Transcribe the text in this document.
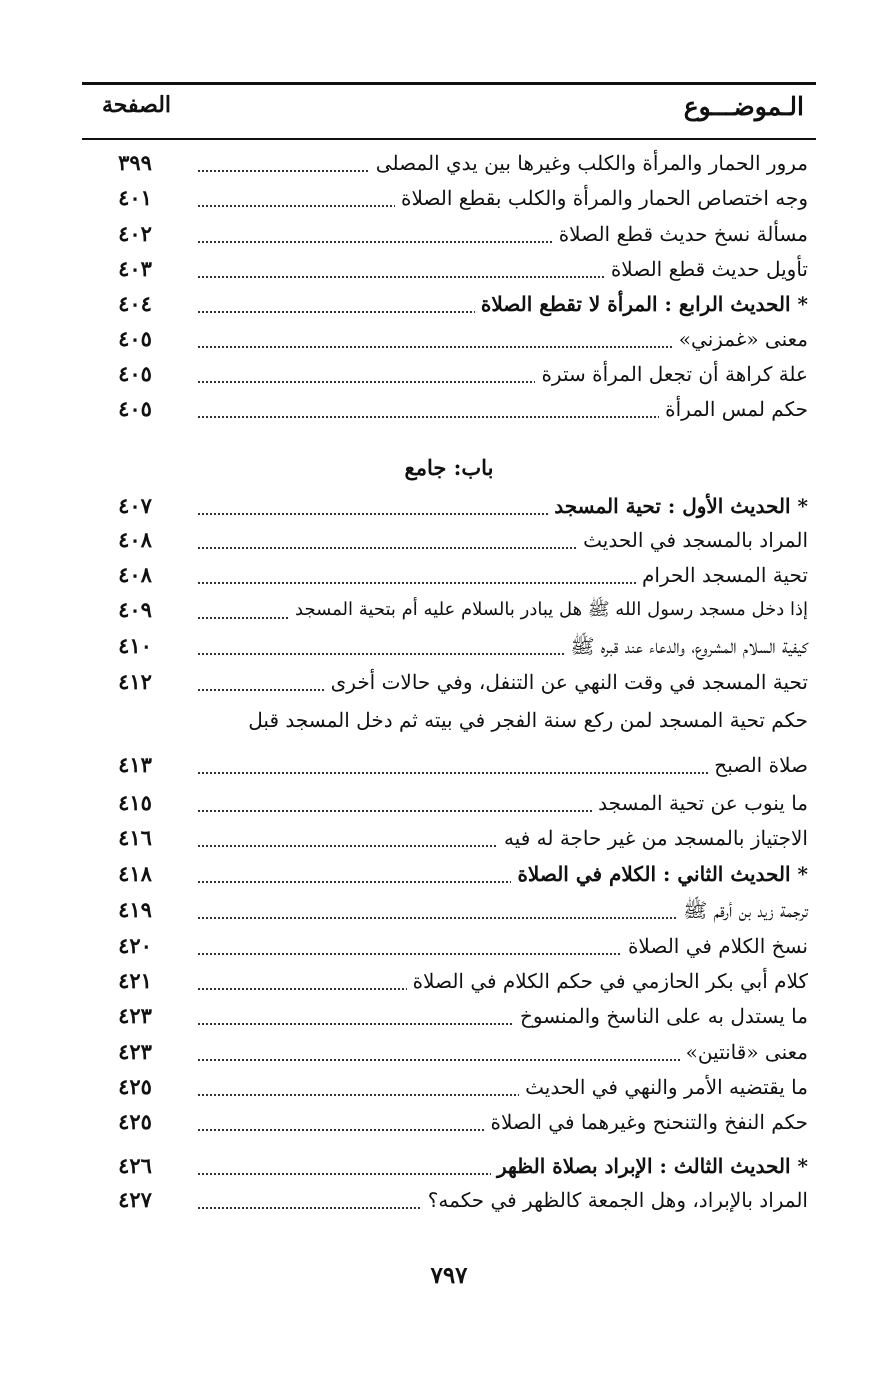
الـموضـــوع
الصفحة
مرور الحمار والمرأة والكلب وغيرها بين يدي المصلى
٣٩٩
وجه اختصاص الحمار والمرأة والكلب بقطع الصلاة
٤٠١
مسألة نسخ حديث قطع الصلاة
٤٠٢
تأويل حديث قطع الصلاة
٤٠٣
* الحديث الرابع : المرأة لا تقطع الصلاة
٤٠٤
معنى «غمزني»
٤٠٥
علة كراهة أن تجعل المرأة سترة
٤٠٥
حكم لمس المرأة
٤٠٥
باب: جامع
* الحديث الأول : تحية المسجد
٤٠٧
المراد بالمسجد في الحديث
٤٠٨
تحية المسجد الحرام
٤٠٨
إذا دخل مسجد رسول الله ﷺ هل يبادر بالسلام عليه أم بتحية المسجد
٤٠٩
كيفية السلام المشروع، والدعاء عند قبره ﷺ
٤١٠
تحية المسجد في وقت النهي عن التنفل، وفي حالات أخرى
٤١٢
حكم تحية المسجد لمن ركع سنة الفجر في بيته ثم دخل المسجد قبل
صلاة الصبح
٤١٣
ما ينوب عن تحية المسجد
٤١٥
الاجتياز بالمسجد من غير حاجة له فيه
٤١٦
* الحديث الثاني : الكلام في الصلاة
٤١٨
ترجمة زيد بن أرقم ﷺ
٤١٩
نسخ الكلام في الصلاة
٤٢٠
كلام أبي بكر الحازمي في حكم الكلام في الصلاة
٤٢١
ما يستدل به على الناسخ والمنسوخ
٤٢٣
معنى «قانتين»
٤٢٣
ما يقتضيه الأمر والنهي في الحديث
٤٢٥
حكم النفخ والتنحنح وغيرهما في الصلاة
٤٢٥
* الحديث الثالث : الإبراد بصلاة الظهر
٤٢٦
المراد بالإبراد، وهل الجمعة كالظهر في حكمه؟
٤٢٧
٧٩٧
